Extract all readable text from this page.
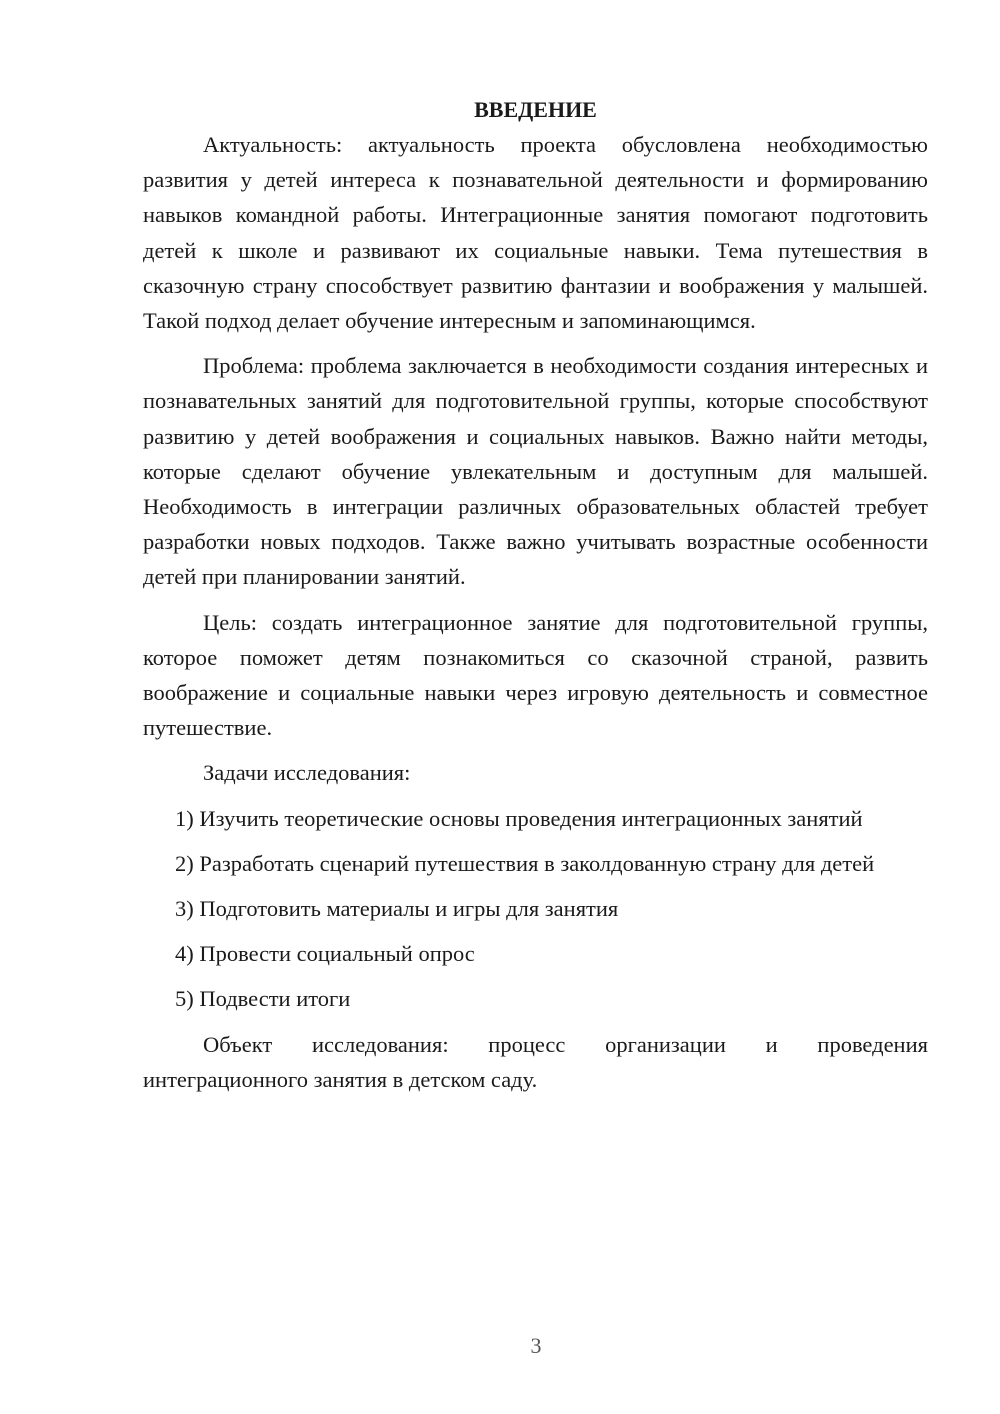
ВВЕДЕНИЕ

Актуальность: актуальность проекта обусловлена необходимостью развития у детей интереса к познавательной деятельности и формированию навыков командной работы. Интеграционные занятия помогают подготовить детей к школе и развивают их социальные навыки. Тема путешествия в сказочную страну способствует развитию фантазии и воображения у малышей. Такой подход делает обучение интересным и запоминающимся.

Проблема: проблема заключается в необходимости создания интересных и познавательных занятий для подготовительной группы, которые способствуют развитию у детей воображения и социальных навыков. Важно найти методы, которые сделают обучение увлекательным и доступным для малышей. Необходимость в интеграции различных образовательных областей требует разработки новых подходов. Также важно учитывать возрастные особенности детей при планировании занятий.

Цель: создать интеграционное занятие для подготовительной группы, которое поможет детям познакомиться со сказочной страной, развить воображение и социальные навыки через игровую деятельность и совместное путешествие.

Задачи исследования:

1) Изучить теоретические основы проведения интеграционных занятий

2) Разработать сценарий путешествия в заколдованную страну для детей

3) Подготовить материалы и игры для занятия

4) Провести социальный опрос

5) Подвести итоги

Объект исследования: процесс организации и проведения интеграционного занятия в детском саду.

3
